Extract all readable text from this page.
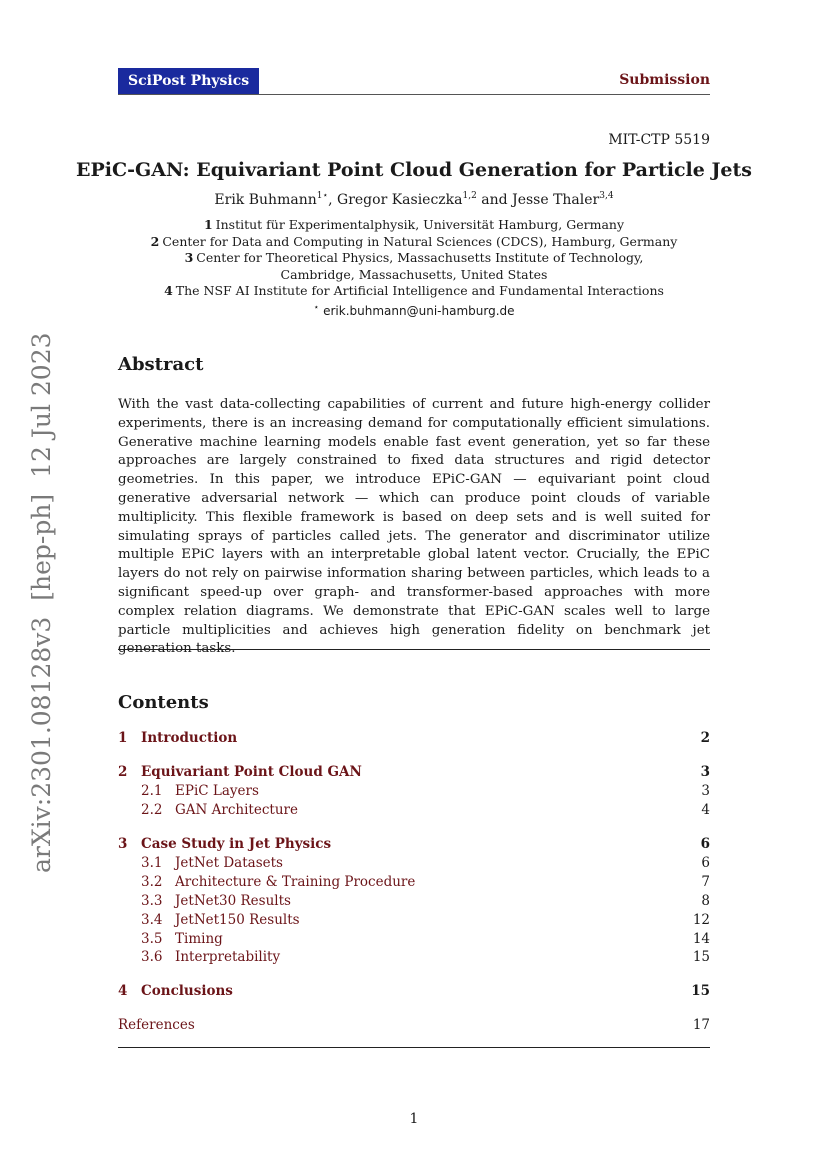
SciPost Physics	Submission
MIT-CTP 5519
EPiC-GAN: Equivariant Point Cloud Generation for Particle Jets
Erik Buhmann$^{1⋆}$, Gregor Kasieczka$^{1,2}$ and Jesse Thaler$^{3,4}$
1 Institut für Experimentalphysik, Universität Hamburg, Germany
2 Center for Data and Computing in Natural Sciences (CDCS), Hamburg, Germany
3 Center for Theoretical Physics, Massachusetts Institute of Technology,
Cambridge, Massachusetts, United States
4 The NSF AI Institute for Artificial Intelligence and Fundamental Interactions
⋆ erik.buhmann@uni-hamburg.de
Abstract
With the vast data-collecting capabilities of current and future high-energy collider experiments, there is an increasing demand for computationally efficient simulations. Generative machine learning models enable fast event generation, yet so far these approaches are largely constrained to fixed data structures and rigid detector geometries. In this paper, we introduce EPiC-GAN — equivariant point cloud generative adversarial network — which can produce point clouds of variable multiplicity. This flexible framework is based on deep sets and is well suited for simulating sprays of particles called jets. The generator and discriminator utilize multiple EPiC layers with an interpretable global latent vector. Crucially, the EPiC layers do not rely on pairwise information sharing between particles, which leads to a significant speed-up over graph- and transformer-based approaches with more complex relation diagrams. We demonstrate that EPiC-GAN scales well to large particle multiplicities and achieves high generation fidelity on benchmark jet generation tasks.
Contents
1 Introduction	2
2 Equivariant Point Cloud GAN	3
2.1 EPiC Layers	3
2.2 GAN Architecture	4
3 Case Study in Jet Physics	6
3.1 JetNet Datasets	6
3.2 Architecture & Training Procedure	7
3.3 JetNet30 Results	8
3.4 JetNet150 Results	12
3.5 Timing	14
3.6 Interpretability	15
4 Conclusions	15
References	17
1
arXiv:2301.08128v3  [hep-ph]  12 Jul 2023
